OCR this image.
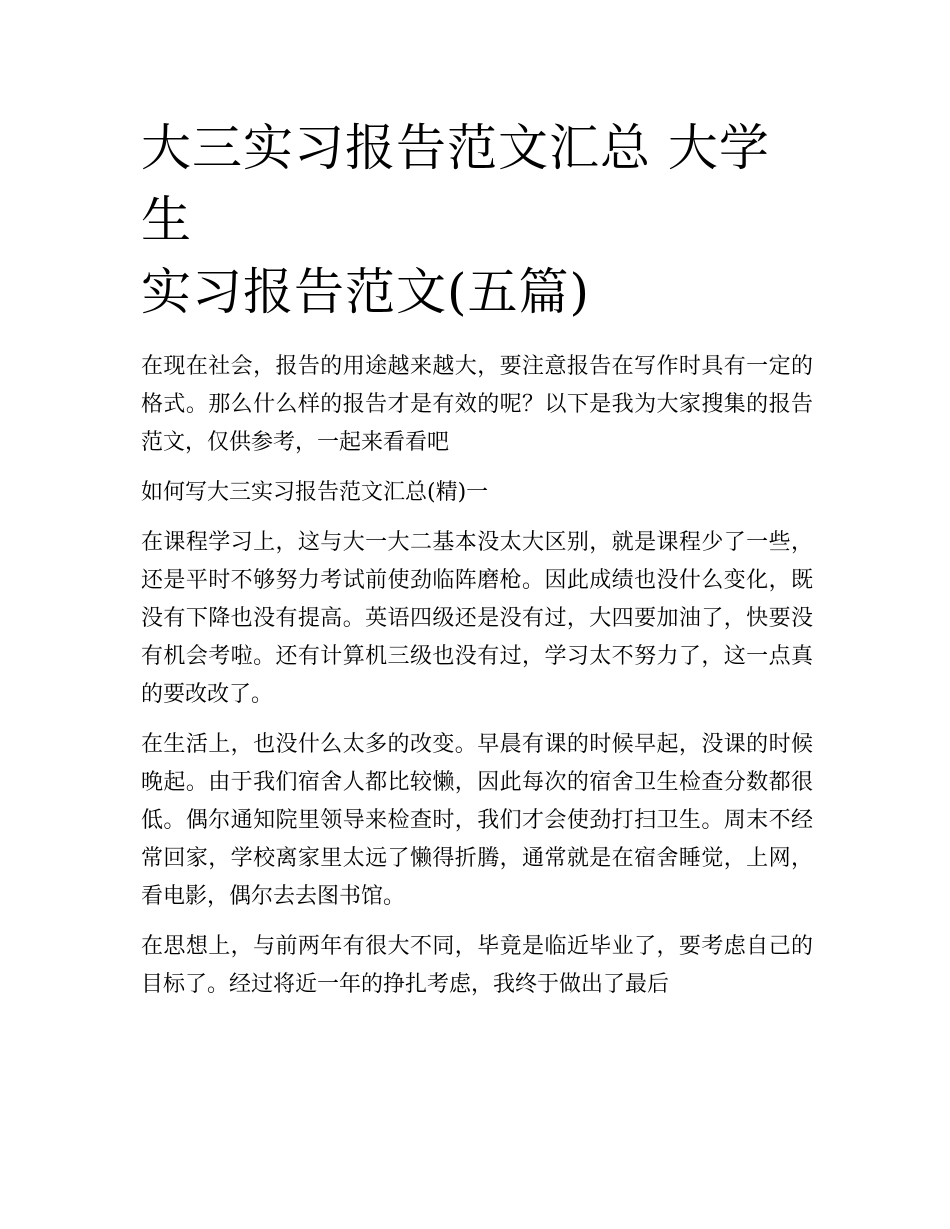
大三实习报告范文汇总 大学生
实习报告范文(五篇)

在现在社会，报告的用途越来越大，要注意报告在写作时具有一定的格式。那么什么样的报告才是有效的呢？以下是我为大家搜集的报告范文，仅供参考，一起来看看吧

如何写大三实习报告范文汇总(精)一

在课程学习上，这与大一大二基本没太大区别，就是课程少了一些，还是平时不够努力考试前使劲临阵磨枪。因此成绩也没什么变化，既没有下降也没有提高。英语四级还是没有过，大四要加油了，快要没有机会考啦。还有计算机三级也没有过，学习太不努力了，这一点真的要改改了。

在生活上，也没什么太多的改变。早晨有课的时候早起，没课的时候晚起。由于我们宿舍人都比较懒，因此每次的宿舍卫生检查分数都很低。偶尔通知院里领导来检查时，我们才会使劲打扫卫生。周末不经常回家，学校离家里太远了懒得折腾，通常就是在宿舍睡觉，上网，看电影，偶尔去去图书馆。

在思想上，与前两年有很大不同，毕竟是临近毕业了，要考虑自己的目标了。经过将近一年的挣扎考虑，我终于做出了最后
